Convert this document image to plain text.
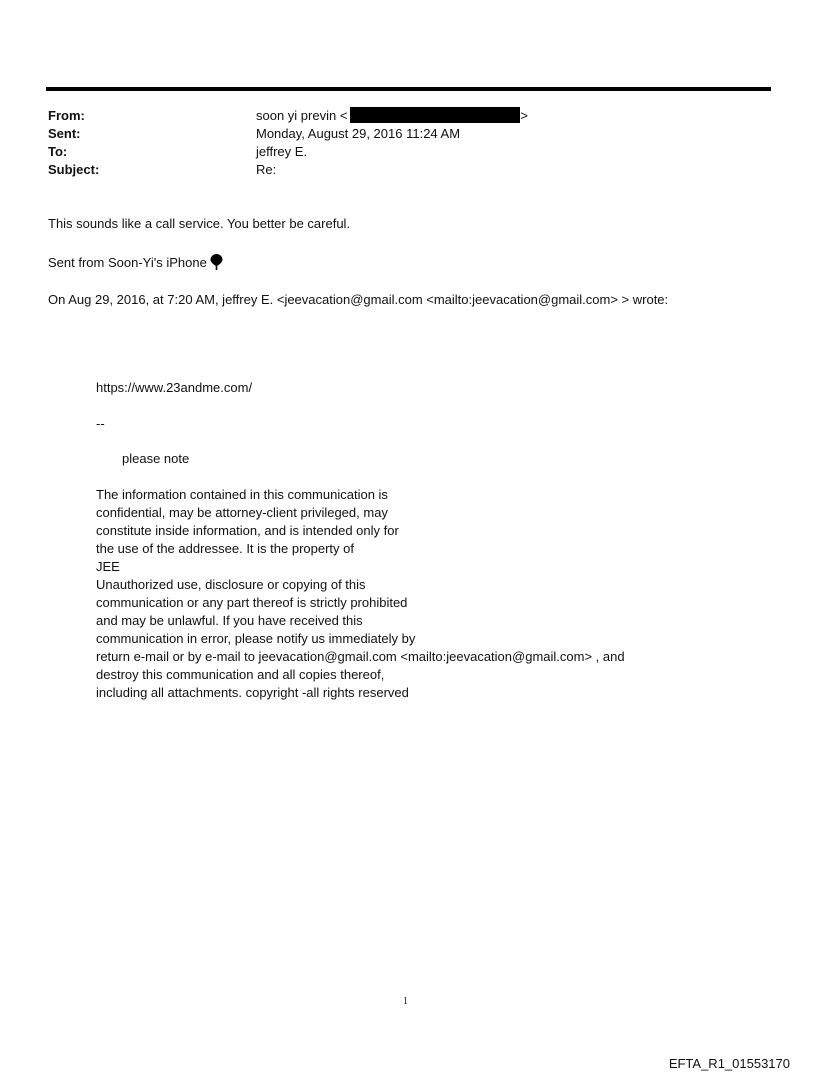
From:	soon yi previn <	>
Sent:	Monday, August 29, 2016 11:24 AM
To:	jeffrey E.
Subject:	Re:
This sounds like a call service. You better be careful.
Sent from Soon-Yi's iPhone
On Aug 29, 2016, at 7:20 AM, jeffrey E. <jeevacation@gmail.com <mailto:jeevacation@gmail.com> > wrote:
https://www.23andme.com/
--
please note
The information contained in this communication is
confidential, may be attorney-client privileged, may
constitute inside information, and is intended only for
the use of the addressee. It is the property of
JEE
Unauthorized use, disclosure or copying of this
communication or any part thereof is strictly prohibited
and may be unlawful. If you have received this
communication in error, please notify us immediately by
return e-mail or by e-mail to jeevacation@gmail.com <mailto:jeevacation@gmail.com> , and
destroy this communication and all copies thereof,
including all attachments. copyright -all rights reserved
1
EFTA_R1_01553170
